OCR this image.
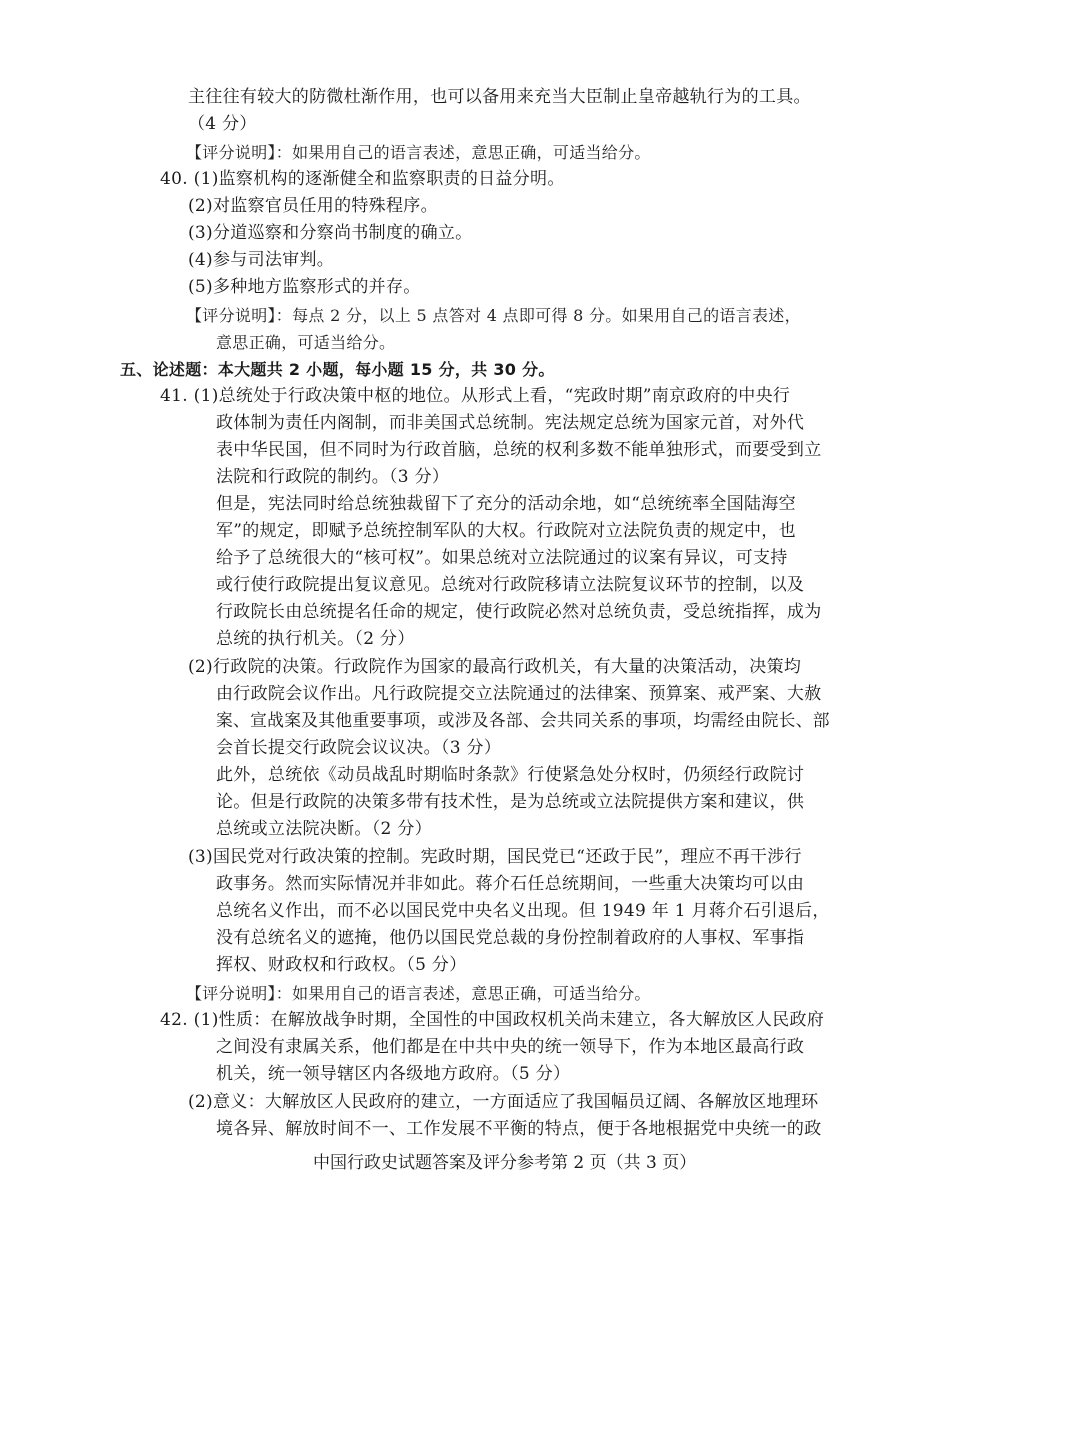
主往往有较大的防微杜渐作用，也可以备用来充当大臣制止皇帝越轨行为的工具。
（4 分）
【评分说明】：如果用自己的语言表述，意思正确，可适当给分。
40. (1)监察机构的逐渐健全和监察职责的日益分明。
(2)对监察官员任用的特殊程序。
(3)分道巡察和分察尚书制度的确立。
(4)参与司法审判。
(5)多种地方监察形式的并存。
【评分说明】：每点 2 分，以上 5 点答对 4 点即可得 8 分。如果用自己的语言表述，
意思正确，可适当给分。
五、论述题：本大题共 2 小题，每小题 15 分，共 30 分。
41. (1)总统处于行政决策中枢的地位。从形式上看，“宪政时期”南京政府的中央行
政体制为责任内阁制，而非美国式总统制。宪法规定总统为国家元首，对外代
表中华民国，但不同时为行政首脑，总统的权利多数不能单独形式，而要受到立
法院和行政院的制约。（3 分）
但是，宪法同时给总统独裁留下了充分的活动余地，如“总统统率全国陆海空
军”的规定，即赋予总统控制军队的大权。行政院对立法院负责的规定中，也
给予了总统很大的“核可权”。如果总统对立法院通过的议案有异议，可支持
或行使行政院提出复议意见。总统对行政院移请立法院复议环节的控制，以及
行政院长由总统提名任命的规定，使行政院必然对总统负责，受总统指挥，成为
总统的执行机关。（2 分）
(2)行政院的决策。行政院作为国家的最高行政机关，有大量的决策活动，决策均
由行政院会议作出。凡行政院提交立法院通过的法律案、预算案、戒严案、大赦
案、宣战案及其他重要事项，或涉及各部、会共同关系的事项，均需经由院长、部
会首长提交行政院会议议决。（3 分）
此外，总统依《动员战乱时期临时条款》行使紧急处分权时，仍须经行政院讨
论。但是行政院的决策多带有技术性，是为总统或立法院提供方案和建议，供
总统或立法院决断。（2 分）
(3)国民党对行政决策的控制。宪政时期，国民党已“还政于民”，理应不再干涉行
政事务。然而实际情况并非如此。蒋介石任总统期间，一些重大决策均可以由
总统名义作出，而不必以国民党中央名义出现。但 1949 年 1 月蒋介石引退后，
没有总统名义的遮掩，他仍以国民党总裁的身份控制着政府的人事权、军事指
挥权、财政权和行政权。（5 分）
【评分说明】：如果用自己的语言表述，意思正确，可适当给分。
42. (1)性质：在解放战争时期，全国性的中国政权机关尚未建立，各大解放区人民政府
之间没有隶属关系，他们都是在中共中央的统一领导下，作为本地区最高行政
机关，统一领导辖区内各级地方政府。（5 分）
(2)意义：大解放区人民政府的建立，一方面适应了我国幅员辽阔、各解放区地理环
境各异、解放时间不一、工作发展不平衡的特点，便于各地根据党中央统一的政
中国行政史试题答案及评分参考第 2 页（共 3 页）
